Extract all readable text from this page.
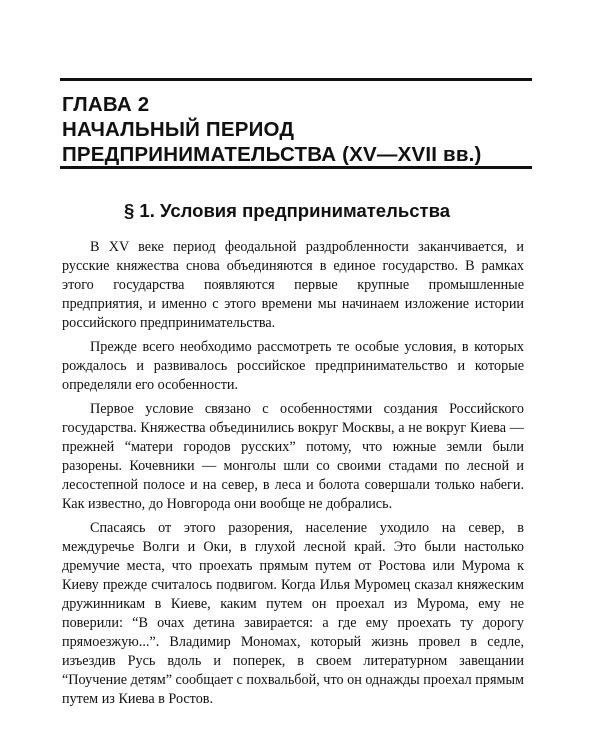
ГЛАВА 2
НАЧАЛЬНЫЙ ПЕРИОД
ПРЕДПРИНИМАТЕЛЬСТВА (XV—XVII вв.)
§ 1. Условия предпринимательства

В XV веке период феодальной раздробленности заканчивается, и русские княжества снова объединяются в единое государство. В рамках этого государства появляются первые крупные промышленные предприятия, и именно с этого времени мы начинаем изложение истории российского предпринимательства.

Прежде всего необходимо рассмотреть те особые условия, в которых рождалось и развивалось российское предпринимательство и которые определяли его особенности.

Первое условие связано с особенностями создания Российского государства. Княжества объединились вокруг Москвы, а не вокруг Киева — прежней “матери городов русских” потому, что южные земли были разорены. Кочевники — монголы шли со своими стадами по лесной и лесостепной полосе и на север, в леса и болота совершали только набеги. Как известно, до Новгорода они вообще не добрались.

Спасаясь от этого разорения, население уходило на север, в междуречье Волги и Оки, в глухой лесной край. Это были настолько дремучие места, что проехать прямым путем от Ростова или Мурома к Киеву прежде считалось подвигом. Когда Илья Муромец сказал княжеским дружинникам в Киеве, каким путем он проехал из Мурома, ему не поверили: “В очах детина завирается: а где ему проехать ту дорогу прямоезжую...”. Владимир Мономах, который жизнь провел в седле, изъездив Русь вдоль и поперек, в своем литературном завещании “Поучение детям” сообщает с похвальбой, что он однажды проехал прямым путем из Киева в Ростов.
